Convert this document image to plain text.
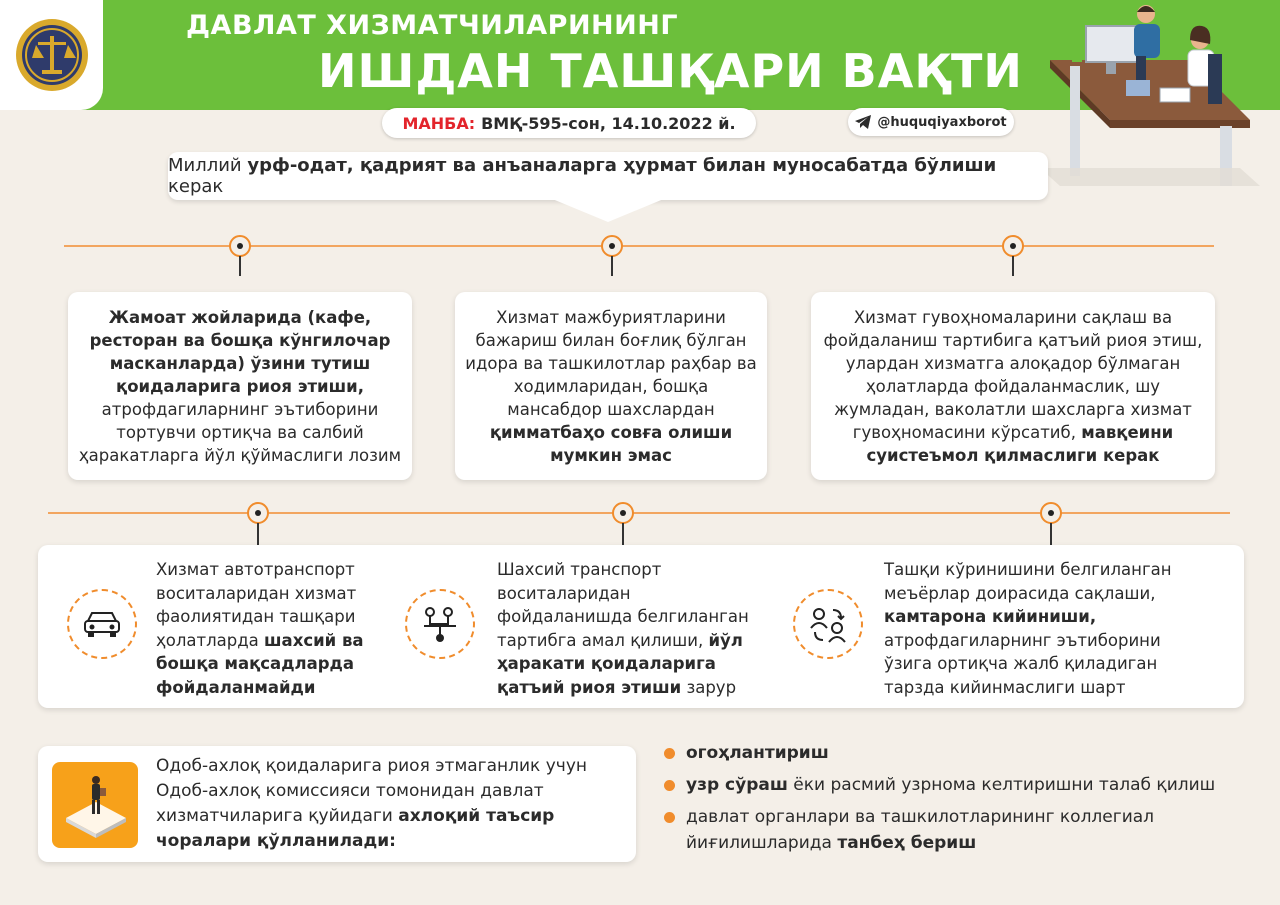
ДАВЛАТ ХИЗМАТЧИЛАРИНИНГ
ИШДАН ТАШҚАРИ ВАҚТИ
МАНБА: ВМҚ-595-сон, 14.10.2022 й.	@huquqiyaxborot
Миллий урф-одат, қадрият ва анъаналарга ҳурмат билан муносабатда бўлиши керак
Жамоат жойларида (кафе, ресторан ва бошқа кўнгилочар масканларда) ўзини тутиш қоидаларига риоя этиши, атрофдагиларнинг эътиборини тортувчи ортиқча ва салбий ҳаракатларга йўл қўймаслиги лозим
Хизмат мажбуриятларини бажариш билан боғлиқ бўлган идора ва ташкилотлар раҳбар ва ходимларидан, бошқа мансабдор шахслардан қимматбаҳо совға олиши мумкин эмас
Хизмат гувоҳномаларини сақлаш ва фойдаланиш тартибига қатъий риоя этиш, улардан хизматга алоқадор бўлмаган ҳолатларда фойдаланмаслик, шу жумладан, ваколатли шахсларга хизмат гувоҳномасини кўрсатиб, мавқеини суистеъмол қилмаслиги керак
Хизмат автотранспорт воситаларидан хизмат фаолиятидан ташқари ҳолатларда шахсий ва бошқа мақсадларда фойдаланмайди
Шахсий транспорт воситаларидан фойдаланишда белгиланган тартибга амал қилиши, йўл ҳаракати қоидаларига қатъий риоя этиши зарур
Ташқи кўринишини белгиланган меъёрлар доирасида сақлаши, камтарона кийиниши, атрофдагиларнинг эътиборини ўзига ортиқча жалб қиладиган тарзда кийинмаслиги шарт
Одоб-ахлоқ қоидаларига риоя этмаганлик учун Одоб-ахлоқ комиссияси томонидан давлат хизматчиларига қуйидаги ахлоқий таъсир чоралари қўлланилади:
огоҳлантириш
узр сўраш ёки расмий узрнома келтиришни талаб қилиш
давлат органлари ва ташкилотларининг коллегиал йиғилишларида танбеҳ бериш
